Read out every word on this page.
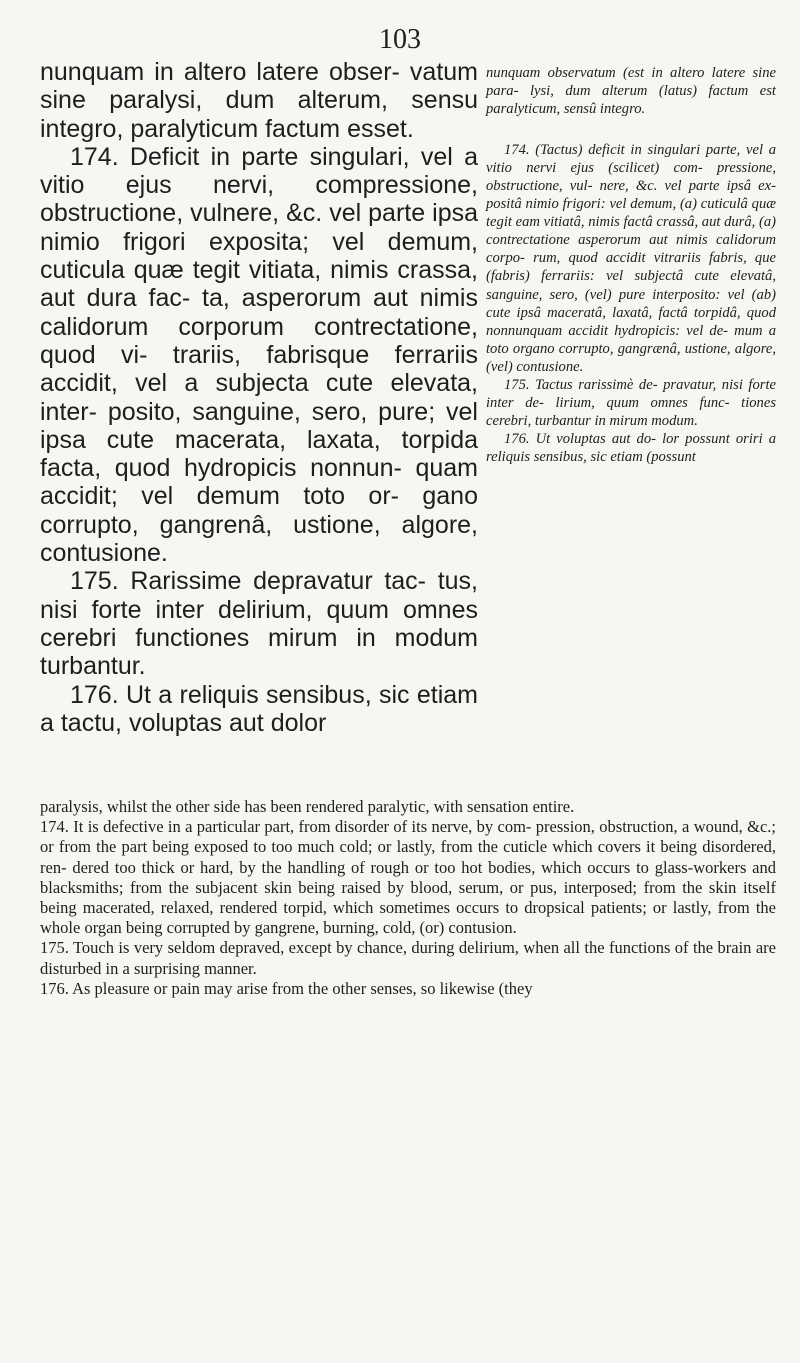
103

nunquam in altero latere obser- vatum sine paralysi, dum alterum, sensu integro, paralyticum factum esset.

174. Deficit in parte singulari, vel a vitio ejus nervi, compressione, obstructione, vulnere, &c. vel parte ipsa nimio frigori exposita; vel demum, cuticula quæ tegit vitiata, nimis crassa, aut dura fac- ta, asperorum aut nimis calidorum corporum contrectatione, quod vi- trariis, fabrisque ferrariis accidit, vel a subjecta cute elevata, inter- posito, sanguine, sero, pure; vel ipsa cute macerata, laxata, torpida facta, quod hydropicis nonnun- quam accidit; vel demum toto or- gano corrupto, gangrenâ, ustione, algore, contusione.

175. Rarissime depravatur tac- tus, nisi forte inter delirium, quum omnes cerebri functiones mirum in modum turbantur.

176. Ut a reliquis sensibus, sic etiam a tactu, voluptas aut dolor

nunquam observatum (est in altero latere sine para- lysi, dum alterum (latus) factum est paralyticum, sensû integro.

174. (Tactus) deficit in singulari parte, vel a vitio nervi ejus (scilicet) com- pressione, obstructione, vul- nere, &c. vel parte ipsâ ex- positâ nimio frigori: vel demum, (a) cuticulâ quæ tegit eam vitiatâ, nimis factâ crassâ, aut durâ, (a) contrectatione asperorum aut nimis calidorum corpo- rum, quod accidit vitrariis fabris, que (fabris) ferrariis: vel subjectâ cute elevatâ, sanguine, sero, (vel) pure interposito: vel (ab) cute ipsâ maceratâ, laxatâ, factâ torpidâ, quod nonnunquam accidit hydropicis: vel de- mum a toto organo corrupto, gangrænâ, ustione, algore, (vel) contusione.

175. Tactus rarissimè de- pravatur, nisi forte inter de- lirium, quum omnes func- tiones cerebri, turbantur in mirum modum.

176. Ut voluptas aut do- lor possunt oriri a reliquis sensibus, sic etiam (possunt

paralysis, whilst the other side has been rendered paralytic, with sensation entire.

174. It is defective in a particular part, from disorder of its nerve, by com- pression, obstruction, a wound, &c.; or from the part being exposed to too much cold; or lastly, from the cuticle which covers it being disordered, ren- dered too thick or hard, by the handling of rough or too hot bodies, which occurs to glass-workers and blacksmiths; from the subjacent skin being raised by blood, serum, or pus, interposed; from the skin itself being macerated, relaxed, rendered torpid, which sometimes occurs to dropsical patients; or lastly, from the whole organ being corrupted by gangrene, burning, cold, (or) contusion.

175. Touch is very seldom depraved, except by chance, during delirium, when all the functions of the brain are disturbed in a surprising manner.

176. As pleasure or pain may arise from the other senses, so likewise (they
